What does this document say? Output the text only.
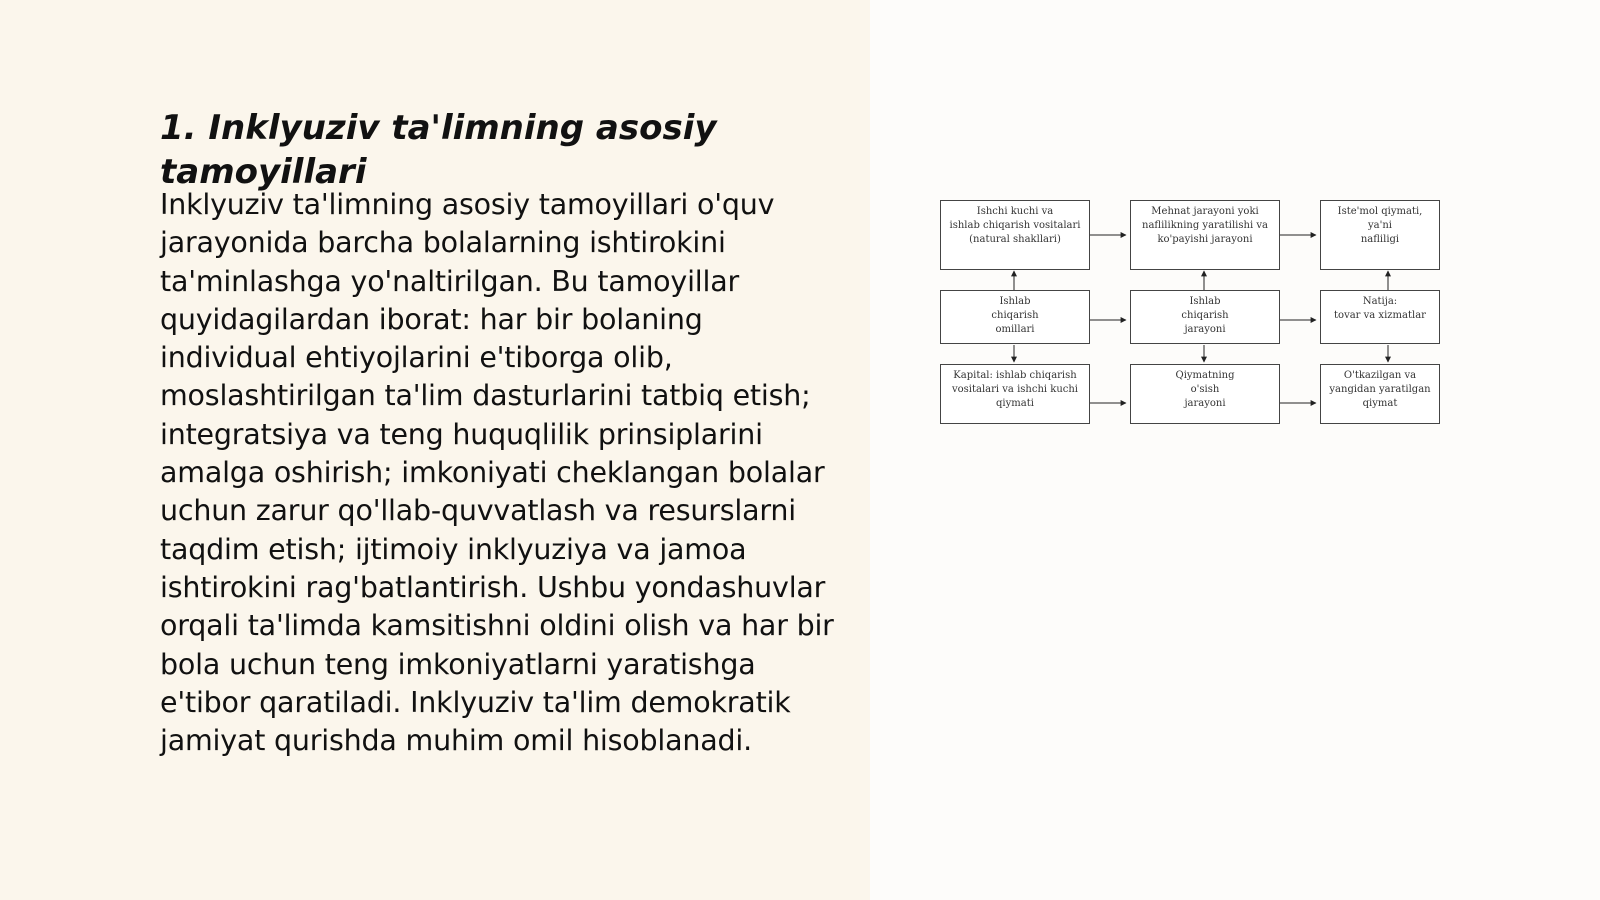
1. Inklyuziv ta'limning asosiy tamoyillari

Inklyuziv ta'limning asosiy tamoyillari o'quv jarayonida barcha bolalarning ishtirokini ta'minlashga yo'naltirilgan. Bu tamoyillar quyidagilardan iborat: har bir bolaning individual ehtiyojlarini e'tiborga olib, moslashtirilgan ta'lim dasturlarini tatbiq etish; integratsiya va teng huquqlilik prinsiplarini amalga oshirish; imkoniyati cheklangan bolalar uchun zarur qo'llab-quvvatlash va resurslarni taqdim etish; ijtimoiy inklyuziya va jamoa ishtirokini rag'batlantirish. Ushbu yondashuvlar orqali ta'limda kamsitishni oldini olish va har bir bola uchun teng imkoniyatlarni yaratishga e'tibor qaratiladi. Inklyuziv ta'lim demokratik jamiyat qurishda muhim omil hisoblanadi.

Ishchi kuchi va
ishlab chiqarish vositalari
(natural shakllari)
Mehnat jarayoni yoki
naflilikning yaratilishi va
ko'payishi jarayoni
Iste'mol qiymati,
ya'ni
nafliligi
Ishlab
chiqarish
omillari
Ishlab
chiqarish
jarayoni
Natija:
tovar va xizmatlar
Kapital: ishlab chiqarish
vositalari va ishchi kuchi
qiymati
Qiymatning
o'sish
jarayoni
O'tkazilgan va
yangidan yaratilgan
qiymat
